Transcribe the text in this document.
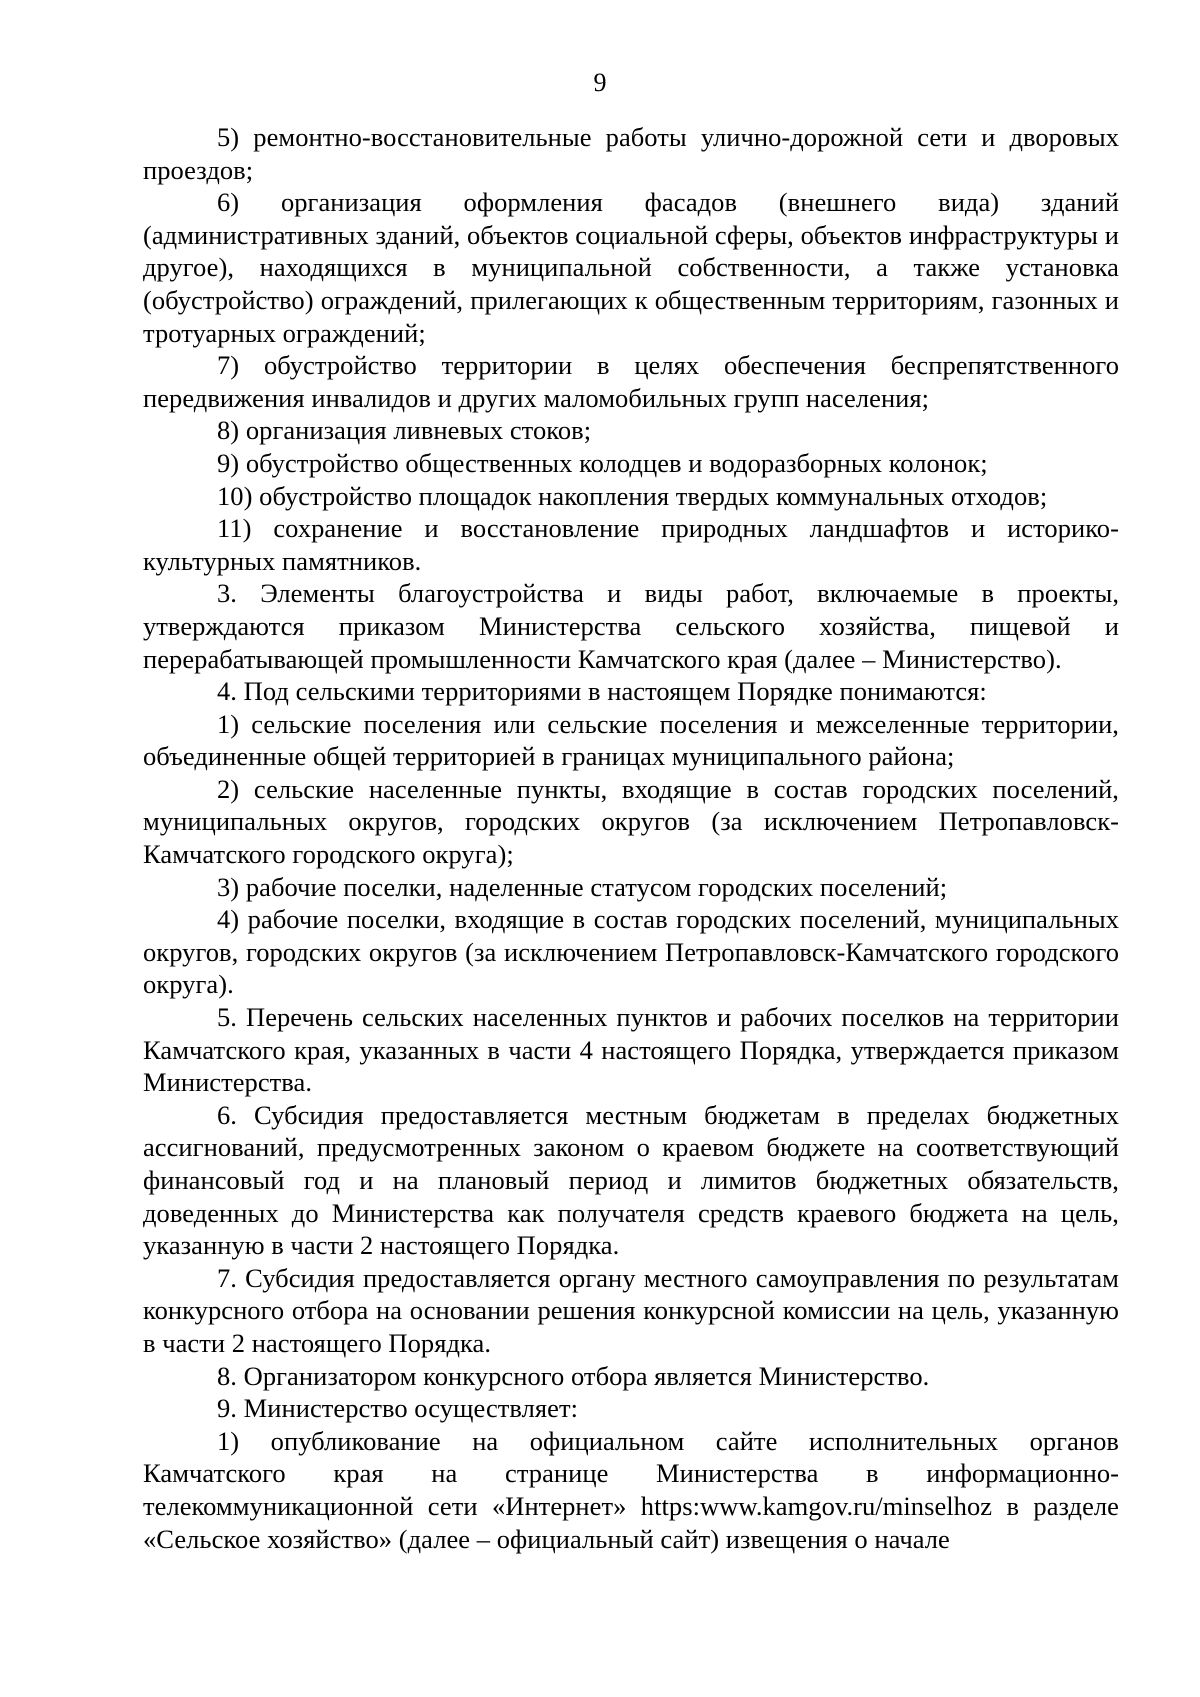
9

5) ремонтно-восстановительные работы улично-дорожной сети и дворовых проездов;

6) организация оформления фасадов (внешнего вида) зданий (административных зданий, объектов социальной сферы, объектов инфраструктуры и другое), находящихся в муниципальной собственности, а также установка (обустройство) ограждений, прилегающих к общественным территориям, газонных и тротуарных ограждений;

7) обустройство территории в целях обеспечения беспрепятственного передвижения инвалидов и других маломобильных групп населения;

8) организация ливневых стоков;

9) обустройство общественных колодцев и водоразборных колонок;

10) обустройство площадок накопления твердых коммунальных отходов;

11) сохранение и восстановление природных ландшафтов и историко-культурных памятников.

3. Элементы благоустройства и виды работ, включаемые в проекты, утверждаются приказом Министерства сельского хозяйства, пищевой и перерабатывающей промышленности Камчатского края (далее – Министерство).

4. Под сельскими территориями в настоящем Порядке понимаются:

1) сельские поселения или сельские поселения и межселенные территории, объединенные общей территорией в границах муниципального района;

2) сельские населенные пункты, входящие в состав городских поселений, муниципальных округов, городских округов (за исключением Петропавловск-Камчатского городского округа);

3) рабочие поселки, наделенные статусом городских поселений;

4) рабочие поселки, входящие в состав городских поселений, муниципальных округов, городских округов (за исключением Петропавловск-Камчатского городского округа).

5. Перечень сельских населенных пунктов и рабочих поселков на территории Камчатского края, указанных в части 4 настоящего Порядка, утверждается приказом Министерства.

6. Субсидия предоставляется местным бюджетам в пределах бюджетных ассигнований, предусмотренных законом о краевом бюджете на соответствующий финансовый год и на плановый период и лимитов бюджетных обязательств, доведенных до Министерства как получателя средств краевого бюджета на цель, указанную в части 2 настоящего Порядка.

7. Субсидия предоставляется органу местного самоуправления по результатам конкурсного отбора на основании решения конкурсной комиссии на цель, указанную в части 2 настоящего Порядка.

8. Организатором конкурсного отбора является Министерство.

9. Министерство осуществляет:

1) опубликование на официальном сайте исполнительных органов Камчатского края на странице Министерства в информационно-телекоммуникационной сети «Интернет» https:www.kamgov.ru/minselhoz в разделе «Сельское хозяйство» (далее – официальный сайт) извещения о начале
